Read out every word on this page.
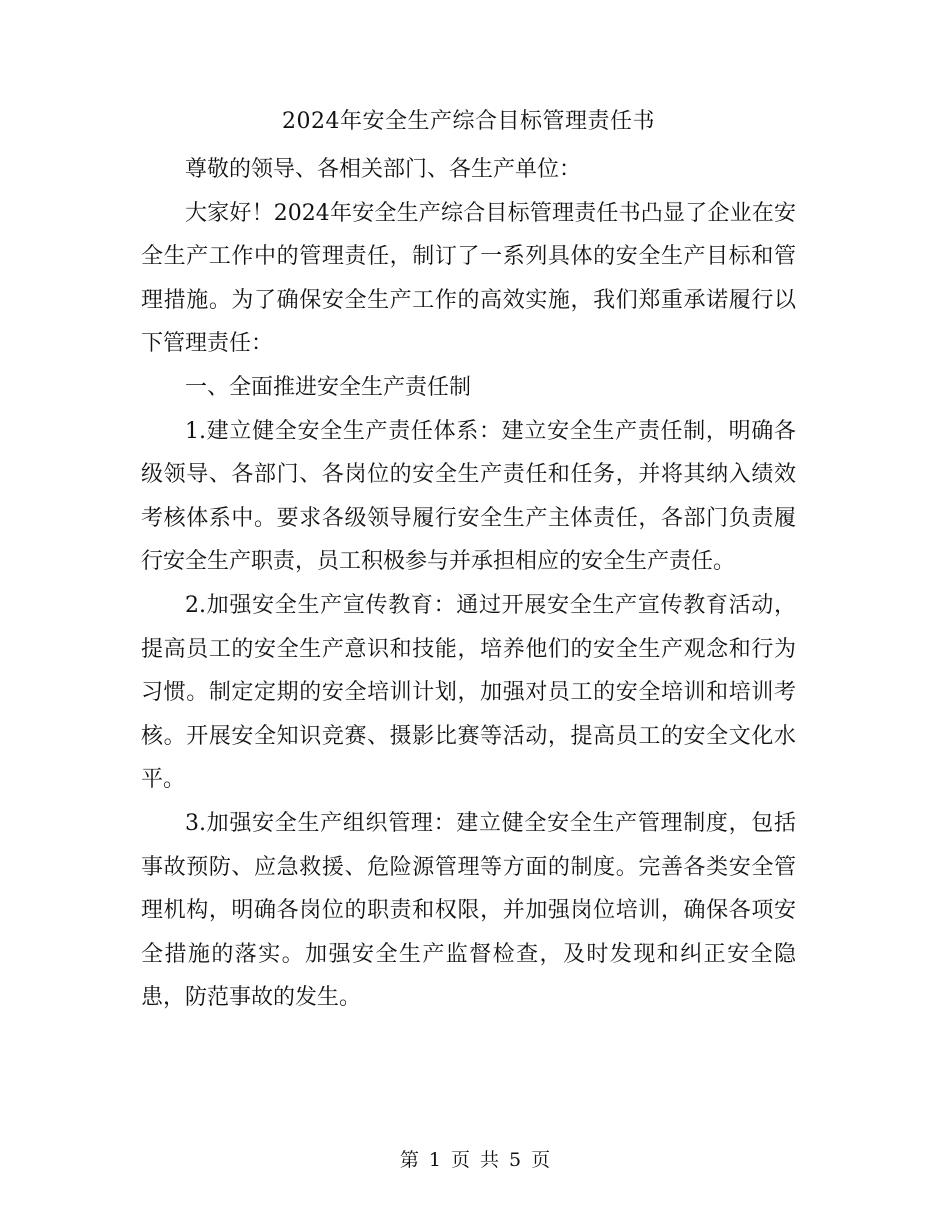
2024年安全生产综合目标管理责任书

尊敬的领导、各相关部门、各生产单位：

大家好！2024年安全生产综合目标管理责任书凸显了企业在安全生产工作中的管理责任，制订了一系列具体的安全生产目标和管理措施。为了确保安全生产工作的高效实施，我们郑重承诺履行以下管理责任：

一、全面推进安全生产责任制

1.建立健全安全生产责任体系：建立安全生产责任制，明确各级领导、各部门、各岗位的安全生产责任和任务，并将其纳入绩效考核体系中。要求各级领导履行安全生产主体责任，各部门负责履行安全生产职责，员工积极参与并承担相应的安全生产责任。

2.加强安全生产宣传教育：通过开展安全生产宣传教育活动，提高员工的安全生产意识和技能，培养他们的安全生产观念和行为习惯。制定定期的安全培训计划，加强对员工的安全培训和培训考核。开展安全知识竞赛、摄影比赛等活动，提高员工的安全文化水平。

3.加强安全生产组织管理：建立健全安全生产管理制度，包括事故预防、应急救援、危险源管理等方面的制度。完善各类安全管理机构，明确各岗位的职责和权限，并加强岗位培训，确保各项安全措施的落实。加强安全生产监督检查，及时发现和纠正安全隐患，防范事故的发生。

第 1 页 共 5 页
